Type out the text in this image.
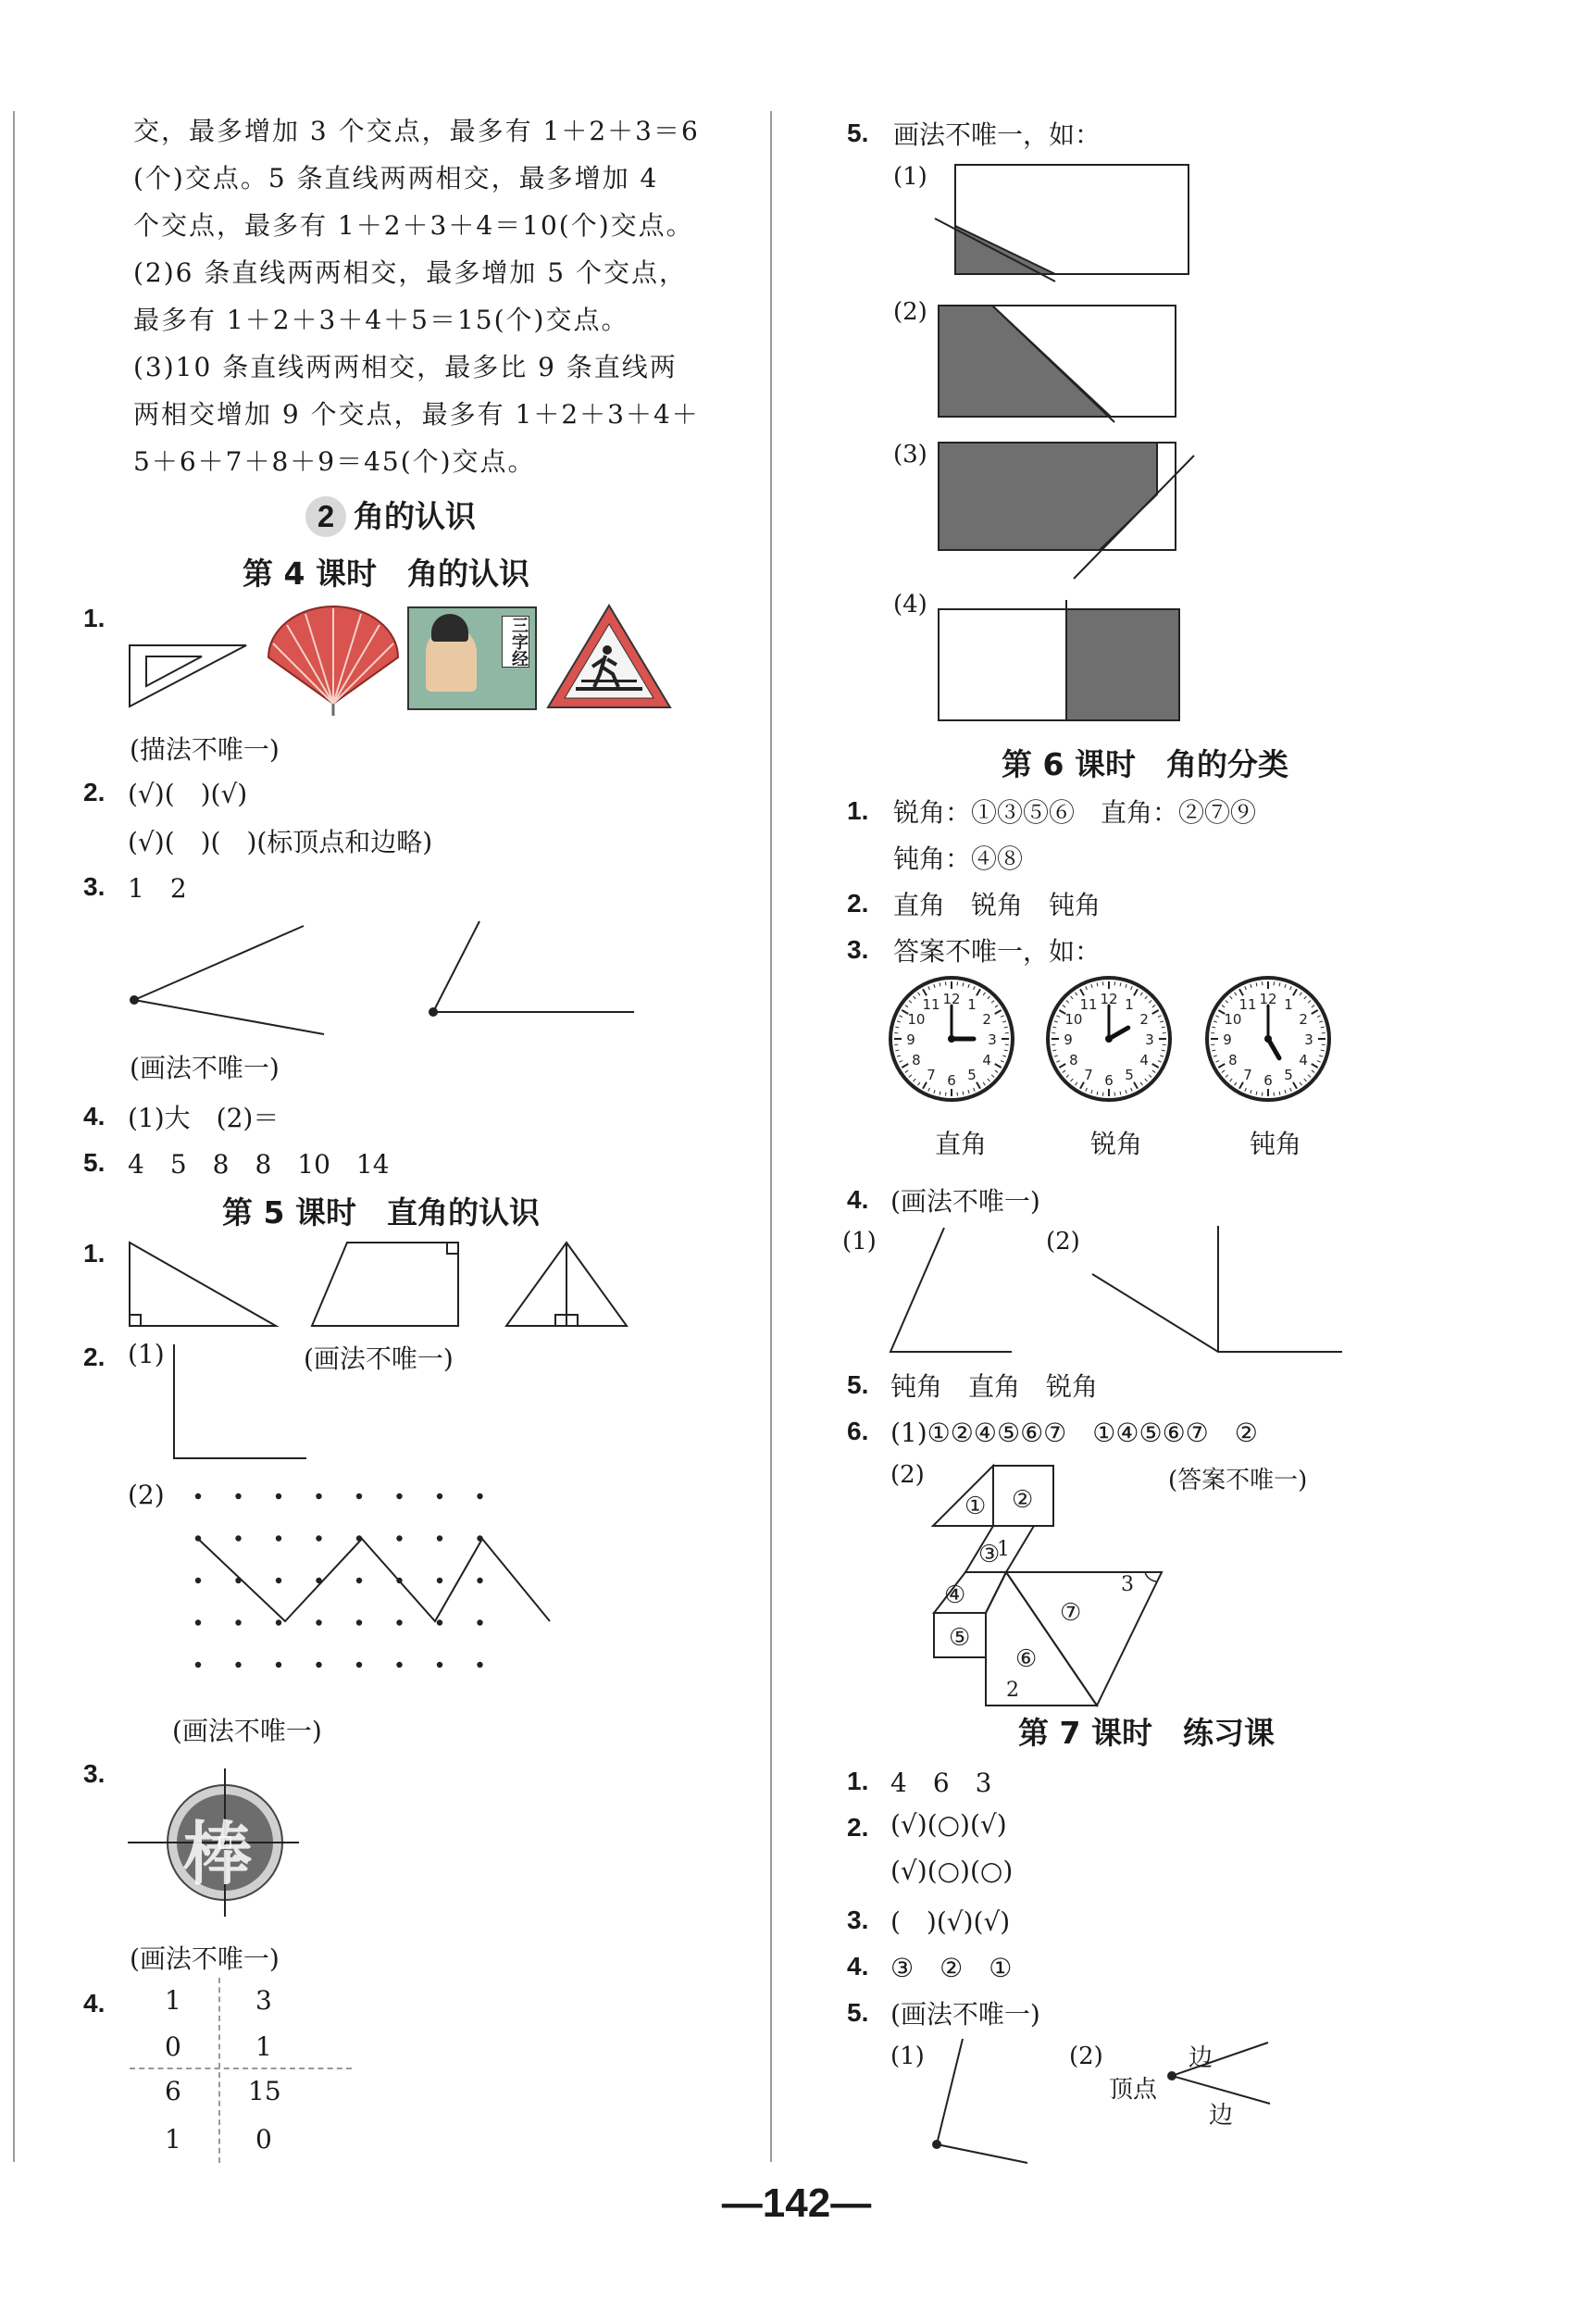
交，最多增加 3 个交点，最多有 1＋2＋3＝6
(个)交点。5 条直线两两相交，最多增加 4
个交点，最多有 1＋2＋3＋4＝10(个)交点。
(2)6 条直线两两相交，最多增加 5 个交点，
最多有 1＋2＋3＋4＋5＝15(个)交点。
(3)10 条直线两两相交，最多比 9 条直线两
两相交增加 9 个交点，最多有 1＋2＋3＋4＋
5＋6＋7＋8＋9＝45(个)交点。
2 角的认识
第 4 课时　角的认识
1.	三字经
(描法不唯一)
2. (√)(　)(√)
(√)(　)(　)(标顶点和边略)
3. 1　2
(画法不唯一)
4. (1)大　(2)＝
5. 4　5　8　8　10　14
第 5 课时　直角的认识
1.
2. (1)	(画法不唯一)
(2)
(画法不唯一)
3.
棒
(画法不唯一)
4. 1	3
0	1
6	15
1	0
5. 画法不唯一，如：
(1)
(2)
(3)
(4)
第 6 课时　角的分类
1. 锐角：①③⑤⑥　直角：②⑦⑨
钝角：④⑧
2. 直角　锐角　钝角
3. 答案不唯一，如：
1
2
3
4
5
6
7
8
9
10
11 12	1
2
3
4
5
6
7
8
9
10
11 12	1
2
3
4
5
6
7
8
9
10
11 12
直角	锐角	钝角
4. (画法不唯一)
(1)	(2)
5. 钝角　直角　锐角
6. (1)①②④⑤⑥⑦　①④⑤⑥⑦　②
(2)	(答案不唯一)
① ②
③
④
⑤
⑥
⑦
1
2
3
第 7 课时　练习课
1. 4　6　3
2. (√)(○)(√)
(√)(○)(○)
3. (　)(√)(√)
4. ③　②　①
5. (画法不唯一)
(1)	(2)	边
顶点
边
—142—
